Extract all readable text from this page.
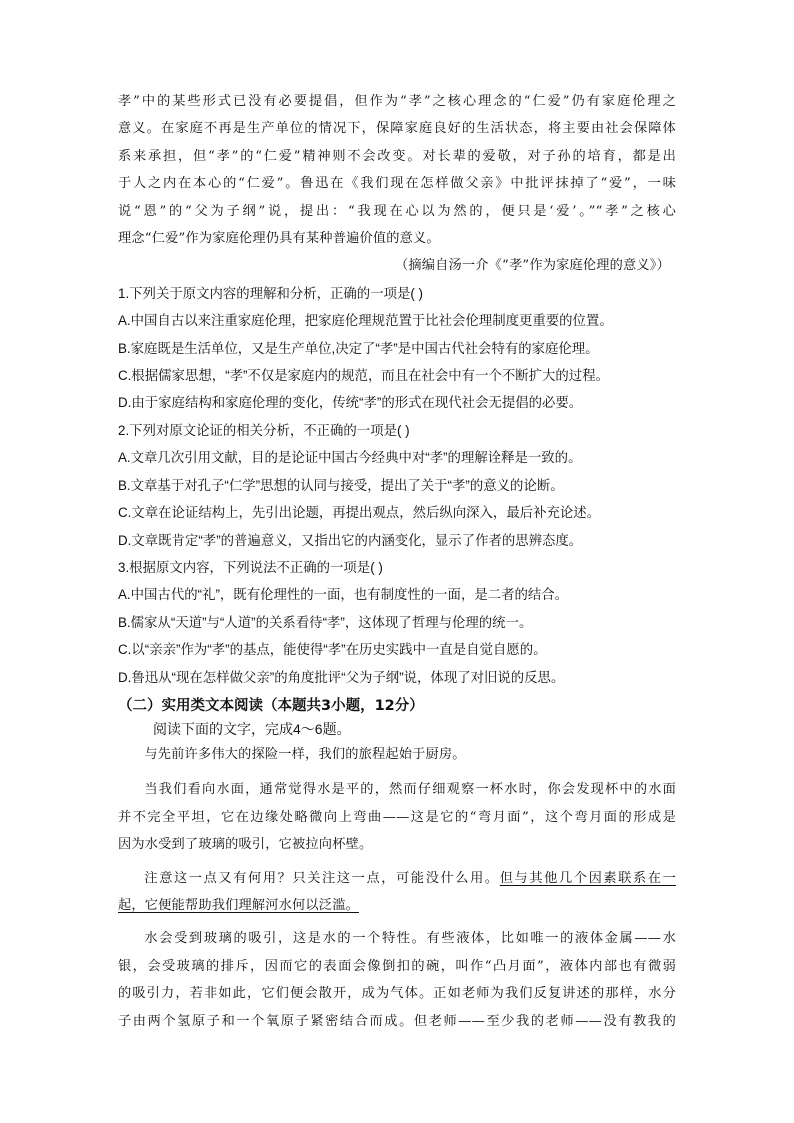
孝”中的某些形式已没有必要提倡，但作为“孝”之核心理念的“仁爱”仍有家庭伦理之

意义。在家庭不再是生产单位的情况下，保障家庭良好的生活状态，将主要由社会保障体

系来承担，但“孝”的“仁爱”精神则不会改变。对长辈的爱敬，对子孙的培育，都是出

于人之内在本心的“仁爱”。鲁迅在《我们现在怎样做父亲》中批评抹掉了“爱”，一味

说“恩”的“父为子纲”说，提出：“我现在心以为然的，便只是‘爱’。”“孝”之核心

理念“仁爱”作为家庭伦理仍具有某种普遍价值的意义。

（摘编自汤一介《“孝”作为家庭伦理的意义》）

1.下列关于原文内容的理解和分析，正确的一项是( )

A.中国自古以来注重家庭伦理，把家庭伦理规范置于比社会伦理制度更重要的位置。

B.家庭既是生活单位，又是生产单位,决定了“孝”是中国古代社会特有的家庭伦理。

C.根据儒家思想，“孝”不仅是家庭内的规范，而且在社会中有一个不断扩大的过程。

D.由于家庭结构和家庭伦理的变化，传统“孝”的形式在现代社会无提倡的必要。

2.下列对原文论证的相关分析，不正确的一项是( )

A.文章几次引用文献，目的是论证中国古今经典中对“孝”的理解诠释是一致的。

B.文章基于对孔子“仁学”思想的认同与接受，提出了关于“孝”的意义的论断。

C.文章在论证结构上，先引出论题，再提出观点，然后纵向深入，最后补充论述。

D.文章既肯定“孝”的普遍意义，又指出它的内涵变化，显示了作者的思辨态度。

3.根据原文内容，下列说法不正确的一项是( )

A.中国古代的“礼”，既有伦理性的一面，也有制度性的一面，是二者的结合。

B.儒家从“天道”与“人道”的关系看待“孝”，这体现了哲理与伦理的统一。

C.以“亲亲”作为“孝”的基点，能使得“孝”在历史实践中一直是自觉自愿的。

D.鲁迅从“现在怎样做父亲”的角度批评“父为子纲”说，体现了对旧说的反思。

（二）实用类文本阅读（本题共3小题，12分）

阅读下面的文字，完成4～6题。

与先前许多伟大的探险一样，我们的旅程起始于厨房。

当我们看向水面，通常觉得水是平的，然而仔细观察一杯水时，你会发现杯中的水面

并不完全平坦，它在边缘处略微向上弯曲——这是它的“弯月面”，这个弯月面的形成是

因为水受到了玻璃的吸引，它被拉向杯壁。

注意这一点又有何用？只关注这一点，可能没什么用。但与其他几个因素联系在一

起，它便能帮助我们理解河水何以泛滥。

水会受到玻璃的吸引，这是水的一个特性。有些液体，比如唯一的液体金属——水

银，会受玻璃的排斥，因而它的表面会像倒扣的碗，叫作“凸月面”，液体内部也有微弱

的吸引力，若非如此，它们便会散开，成为气体。正如老师为我们反复讲述的那样，水分

子由两个氢原子和一个氧原子紧密结合而成。但老师——至少我的老师——没有教我的
